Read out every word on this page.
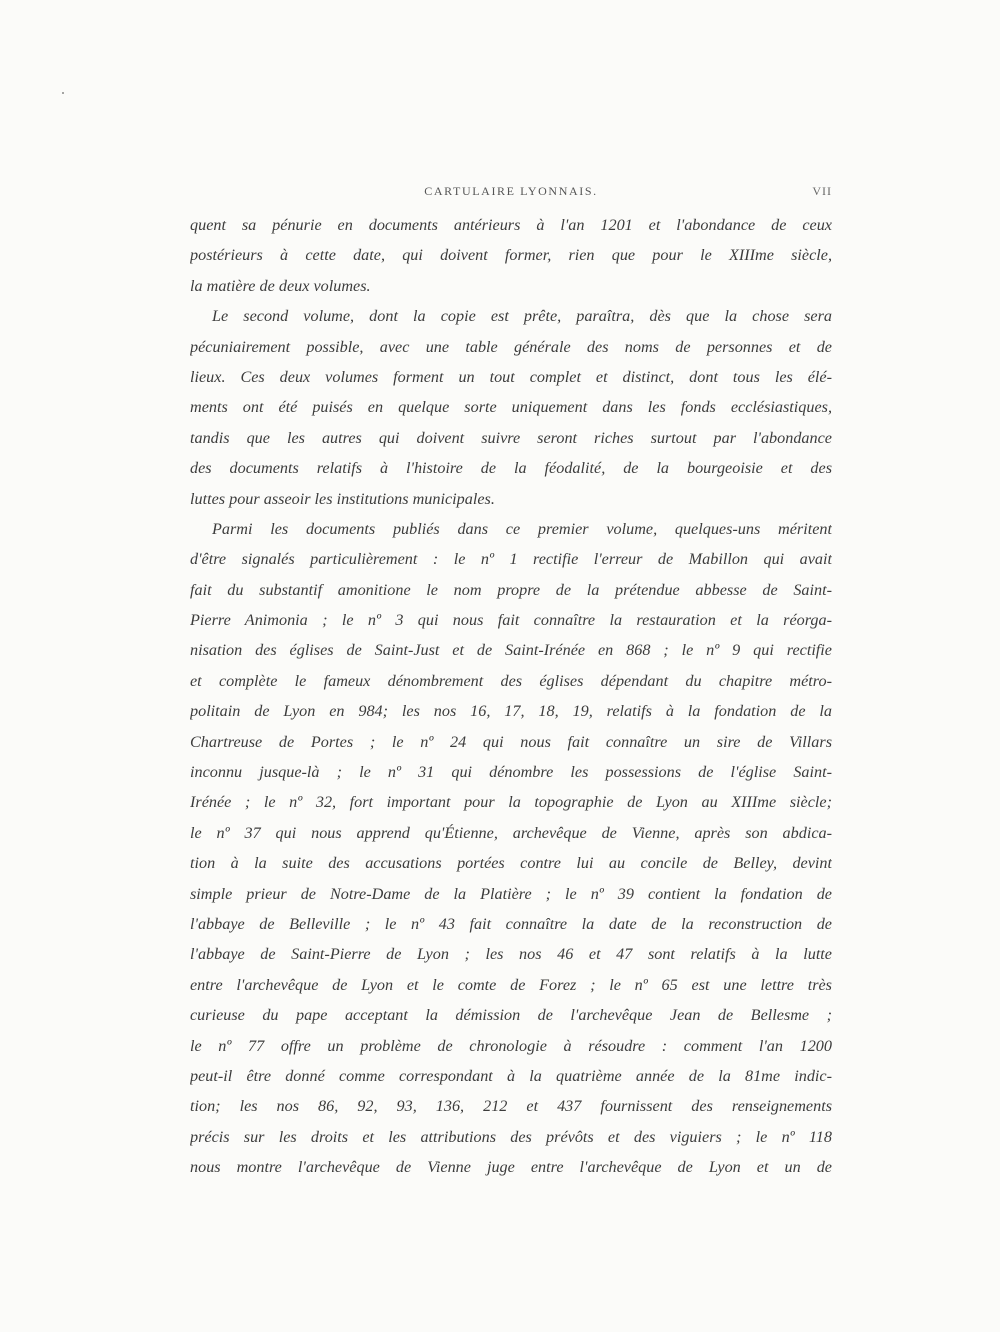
CARTULAIRE LYONNAIS.	VII
quent sa pénurie en documents antérieurs à l'an 1201 et l'abondance de ceux
postérieurs à cette date, qui doivent former, rien que pour le XIIIme siècle,
la matière de deux volumes.
Le second volume, dont la copie est prête, paraîtra, dès que la chose sera
pécuniairement possible, avec une table générale des noms de personnes et de
lieux. Ces deux volumes forment un tout complet et distinct, dont tous les élé-
ments ont été puisés en quelque sorte uniquement dans les fonds ecclésiastiques,
tandis que les autres qui doivent suivre seront riches surtout par l'abondance
des documents relatifs à l'histoire de la féodalité, de la bourgeoisie et des
luttes pour asseoir les institutions municipales.
Parmi les documents publiés dans ce premier volume, quelques-uns méritent
d'être signalés particulièrement : le nº 1 rectifie l'erreur de Mabillon qui avait
fait du substantif amonitione le nom propre de la prétendue abbesse de Saint-
Pierre Animonia ; le nº 3 qui nous fait connaître la restauration et la réorga-
nisation des églises de Saint-Just et de Saint-Irénée en 868 ; le nº 9 qui rectifie
et complète le fameux dénombrement des églises dépendant du chapitre métro-
politain de Lyon en 984; les nos 16, 17, 18, 19, relatifs à la fondation de la
Chartreuse de Portes ; le nº 24 qui nous fait connaître un sire de Villars
inconnu jusque-là ; le nº 31 qui dénombre les possessions de l'église Saint-
Irénée ; le nº 32, fort important pour la topographie de Lyon au XIIIme siècle;
le nº 37 qui nous apprend qu'Étienne, archevêque de Vienne, après son abdica-
tion à la suite des accusations portées contre lui au concile de Belley, devint
simple prieur de Notre-Dame de la Platière ; le nº 39 contient la fondation de
l'abbaye de Belleville ; le nº 43 fait connaître la date de la reconstruction de
l'abbaye de Saint-Pierre de Lyon ; les nos 46 et 47 sont relatifs à la lutte
entre l'archevêque de Lyon et le comte de Forez ; le nº 65 est une lettre très
curieuse du pape acceptant la démission de l'archevêque Jean de Bellesme ;
le nº 77 offre un problème de chronologie à résoudre : comment l'an 1200
peut-il être donné comme correspondant à la quatrième année de la 81me indic-
tion; les nos 86, 92, 93, 136, 212 et 437 fournissent des renseignements
précis sur les droits et les attributions des prévôts et des viguiers ; le nº 118
nous montre l'archevêque de Vienne juge entre l'archevêque de Lyon et un de
